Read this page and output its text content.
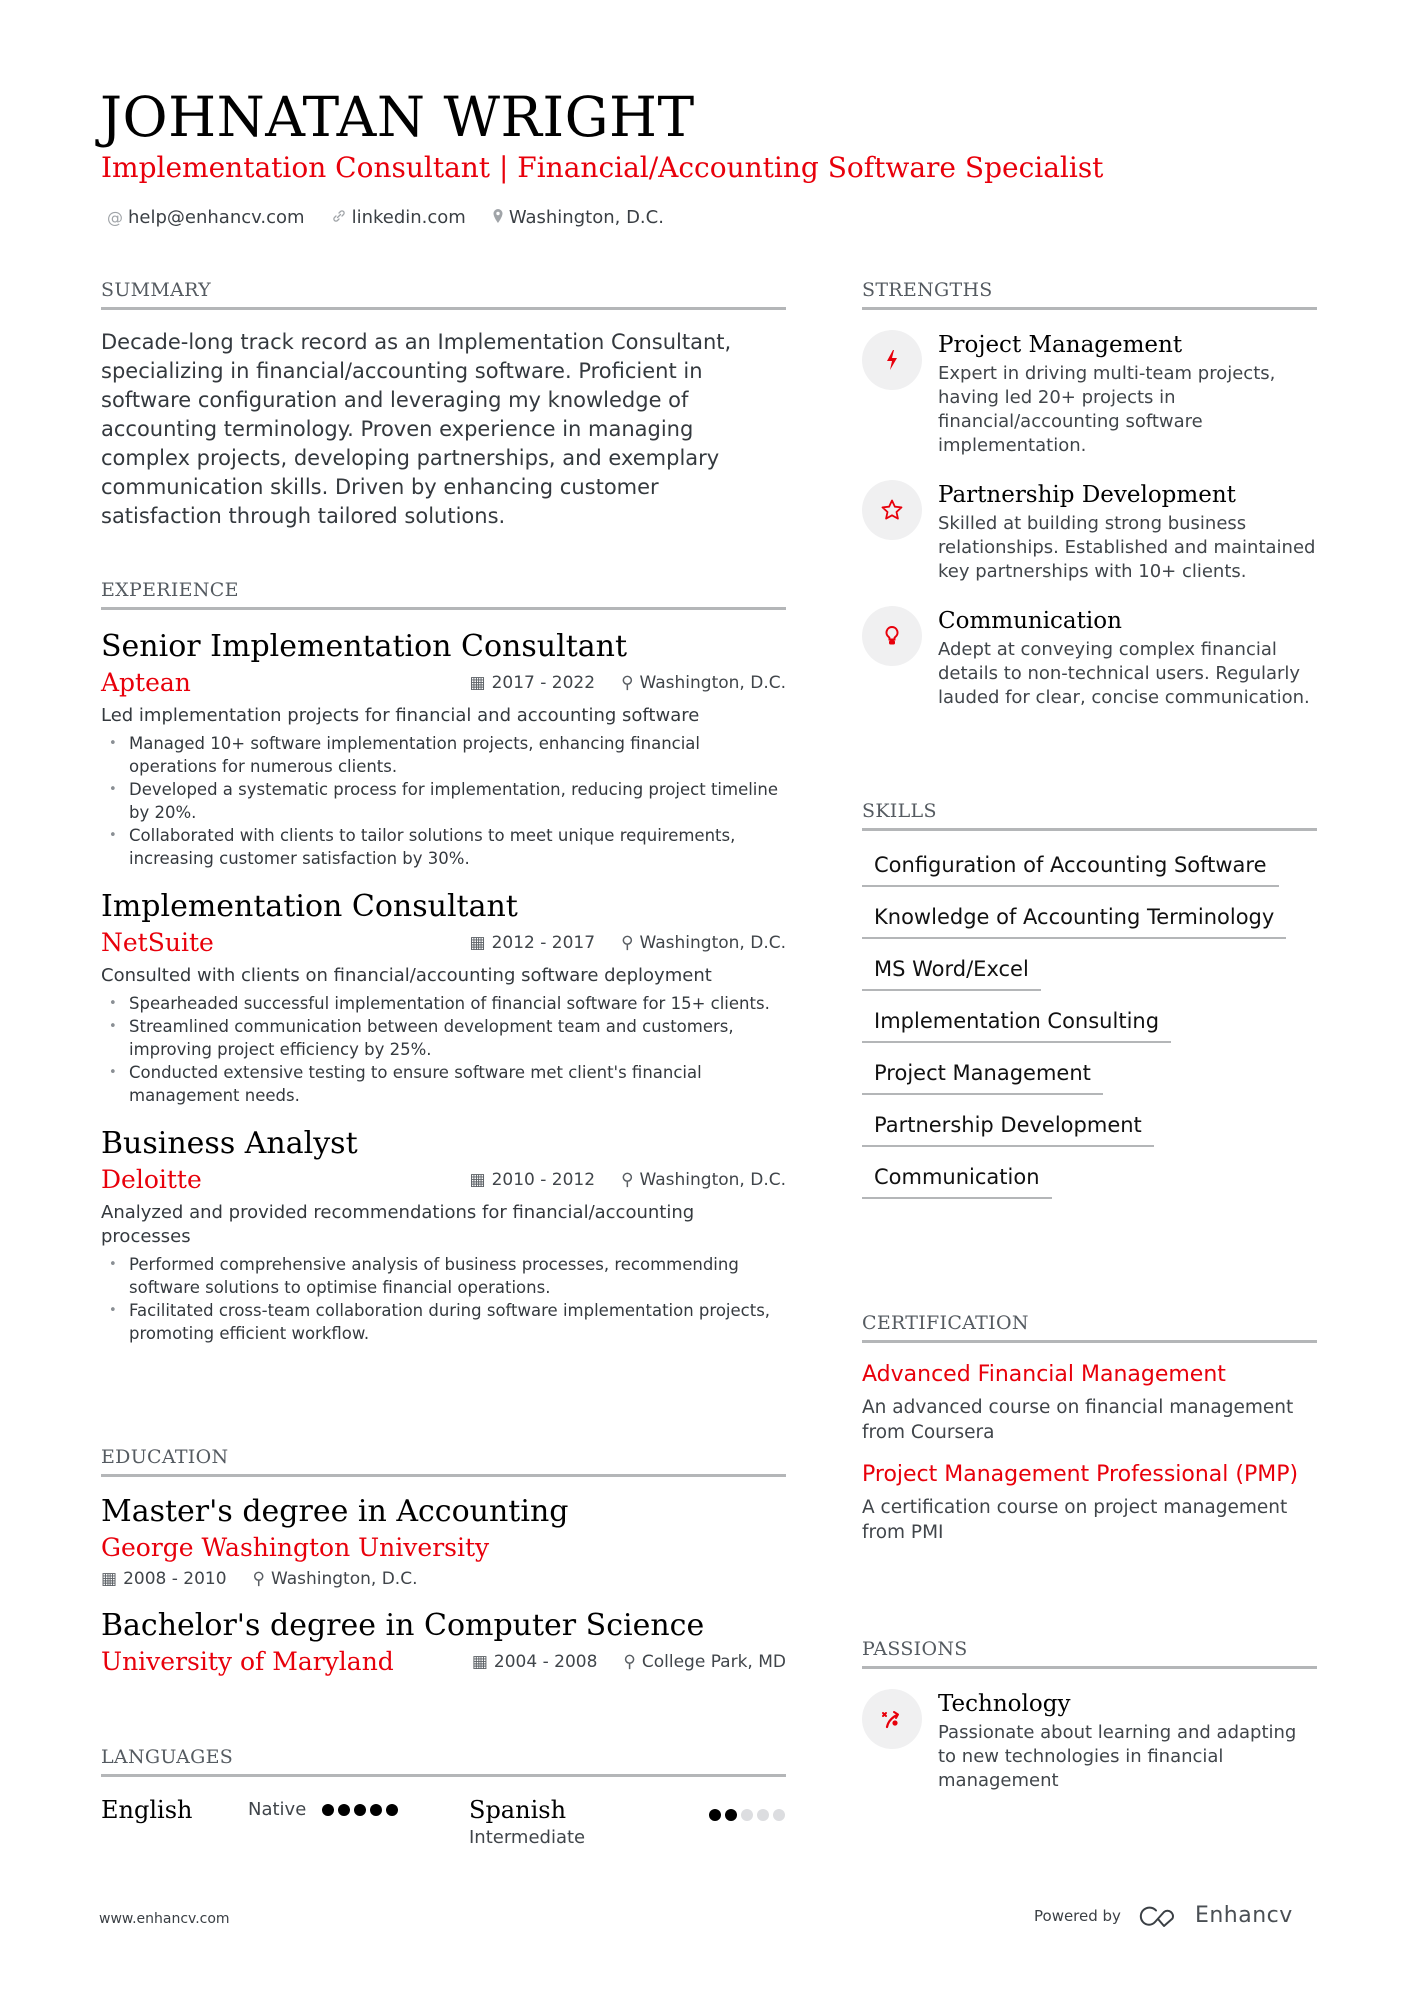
JOHNATAN WRIGHT
Implementation Consultant | Financial/Accounting Software Specialist
@ help@enhancv.com	linkedin.com Washington, D.C.
SUMMARY
Decade-long track record as an Implementation Consultant, specializing in financial/accounting software. Proficient in software configuration and leveraging my knowledge of accounting terminology. Proven experience in managing complex projects, developing partnerships, and exemplary communication skills. Driven by enhancing customer satisfaction through tailored solutions.
EXPERIENCE
Senior Implementation Consultant
Aptean	▦ 2017 - 2022 ⚲ Washington, D.C.
Led implementation projects for financial and accounting software
• Managed 10+ software implementation projects, enhancing financial operations for numerous clients.
• Developed a systematic process for implementation, reducing project timeline by 20%.
• Collaborated with clients to tailor solutions to meet unique requirements, increasing customer satisfaction by 30%.
Implementation Consultant
NetSuite	▦ 2012 - 2017 ⚲ Washington, D.C.
Consulted with clients on financial/accounting software deployment
• Spearheaded successful implementation of financial software for 15+ clients.
• Streamlined communication between development team and customers, improving project efficiency by 25%.
• Conducted extensive testing to ensure software met client's financial management needs.
Business Analyst
Deloitte	▦ 2010 - 2012 ⚲ Washington, D.C.
Analyzed and provided recommendations for financial/accounting processes
• Performed comprehensive analysis of business processes, recommending software solutions to optimise financial operations.
• Facilitated cross-team collaboration during software implementation projects, promoting efficient workflow.
EDUCATION
Master's degree in Accounting
George Washington University
▦ 2008 - 2010 ⚲ Washington, D.C.
Bachelor's degree in Computer Science
University of Maryland	▦ 2004 - 2008 ⚲ College Park, MD
LANGUAGES
English	Native	Spanish
Intermediate
STRENGTHS
Project Management
Expert in driving multi-team projects, having led 20+ projects in financial/accounting software implementation.
Partnership Development
Skilled at building strong business relationships. Established and maintained key partnerships with 10+ clients.
Communication
Adept at conveying complex financial details to non-technical users. Regularly lauded for clear, concise communication.
SKILLS
Configuration of Accounting Software
Knowledge of Accounting Terminology
MS Word/Excel
Implementation Consulting
Project Management
Partnership Development
Communication
CERTIFICATION
Advanced Financial Management
An advanced course on financial management from Coursera
Project Management Professional (PMP)
A certification course on project management from PMI
PASSIONS
Technology
Passionate about learning and adapting to new technologies in financial management
www.enhancv.com	Powered by	Enhancv
